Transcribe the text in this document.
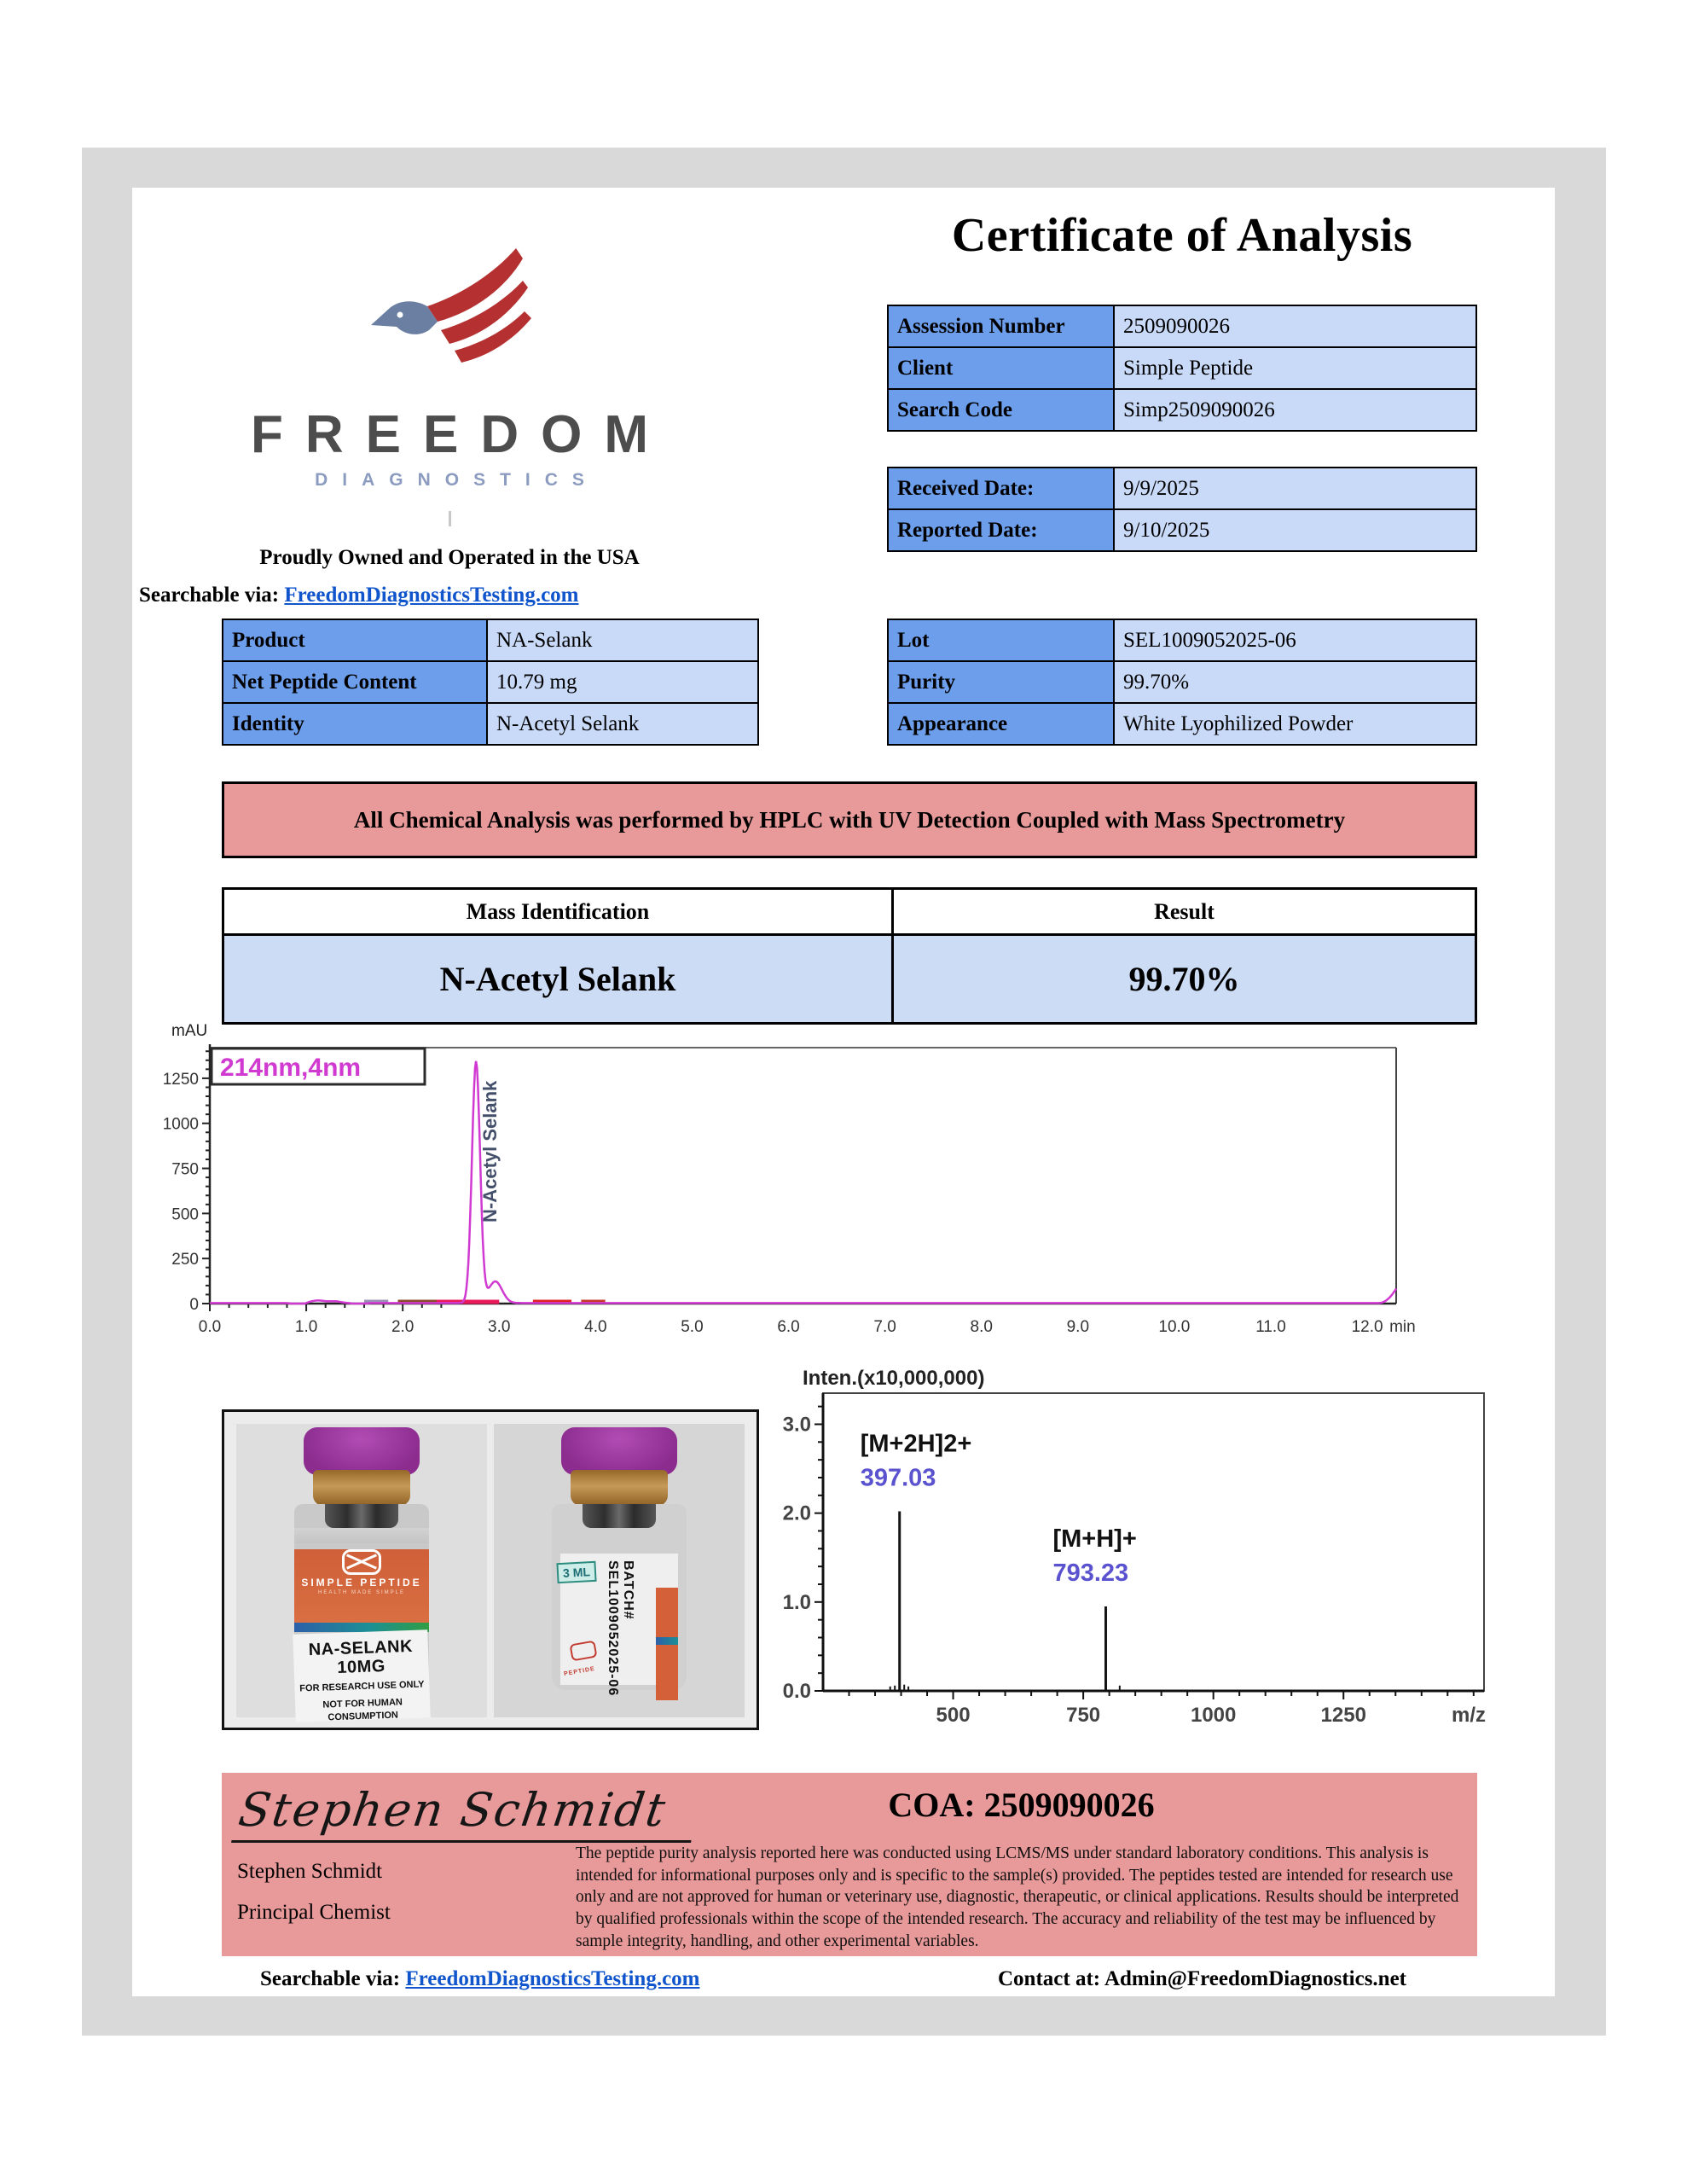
FREEDOM
DIAGNOSTICS
Proudly Owned and Operated in the USA
Searchable via: FreedomDiagnosticsTesting.com
Certificate of Analysis
Assession Number	2509090026
Client	Simple Peptide
Search Code	Simp2509090026
Received Date:	9/9/2025
Reported Date:	9/10/2025
Product	NA-Selank
Net Peptide Content	10.79 mg
Identity	N-Acetyl Selank
Lot	SEL1009052025-06
Purity	99.70%
Appearance	White Lyophilized Powder
All Chemical Analysis was performed by HPLC with UV Detection Coupled with Mass Spectrometry
Mass Identification	Result
N-Acetyl Selank	99.70%
0
250
500
750
1000
1250
0.0	1.0	2.0	3.0	4.0	5.0	6.0	7.0	8.0	9.0	10.0	11.0	12.0 min
mAU
214nm,4nm
N-Acetyl Selank
SIMPLE PEPTIDE
HEALTH MADE SIMPLE
NA-SELANK 10MG
FOR RESEARCH USE ONLY
NOT FOR HUMAN CONSUMPTION
3 ML	BATCH# SEL1009052025-06
PEPTIDE
Inten.(x10,000,000)
0.0
1.0
2.0
3.0
500	750	1000	1250	m/z
[M+2H]2+
397.03
[M+H]+
793.23
Stephen Schmidt
Stephen Schmidt
Principal Chemist
COA: 2509090026
The peptide purity analysis reported here was conducted using LCMS/MS under standard laboratory conditions. This analysis is intended for informational purposes only and is specific to the sample(s) provided. The peptides tested are intended for research use only and are not approved for human or veterinary use, diagnostic, therapeutic, or clinical applications. Results should be interpreted by qualified professionals within the scope of the intended research. The accuracy and reliability of the test may be influenced by sample integrity, handling, and other experimental variables.
Searchable via: FreedomDiagnosticsTesting.com	Contact at: Admin@FreedomDiagnostics.net
